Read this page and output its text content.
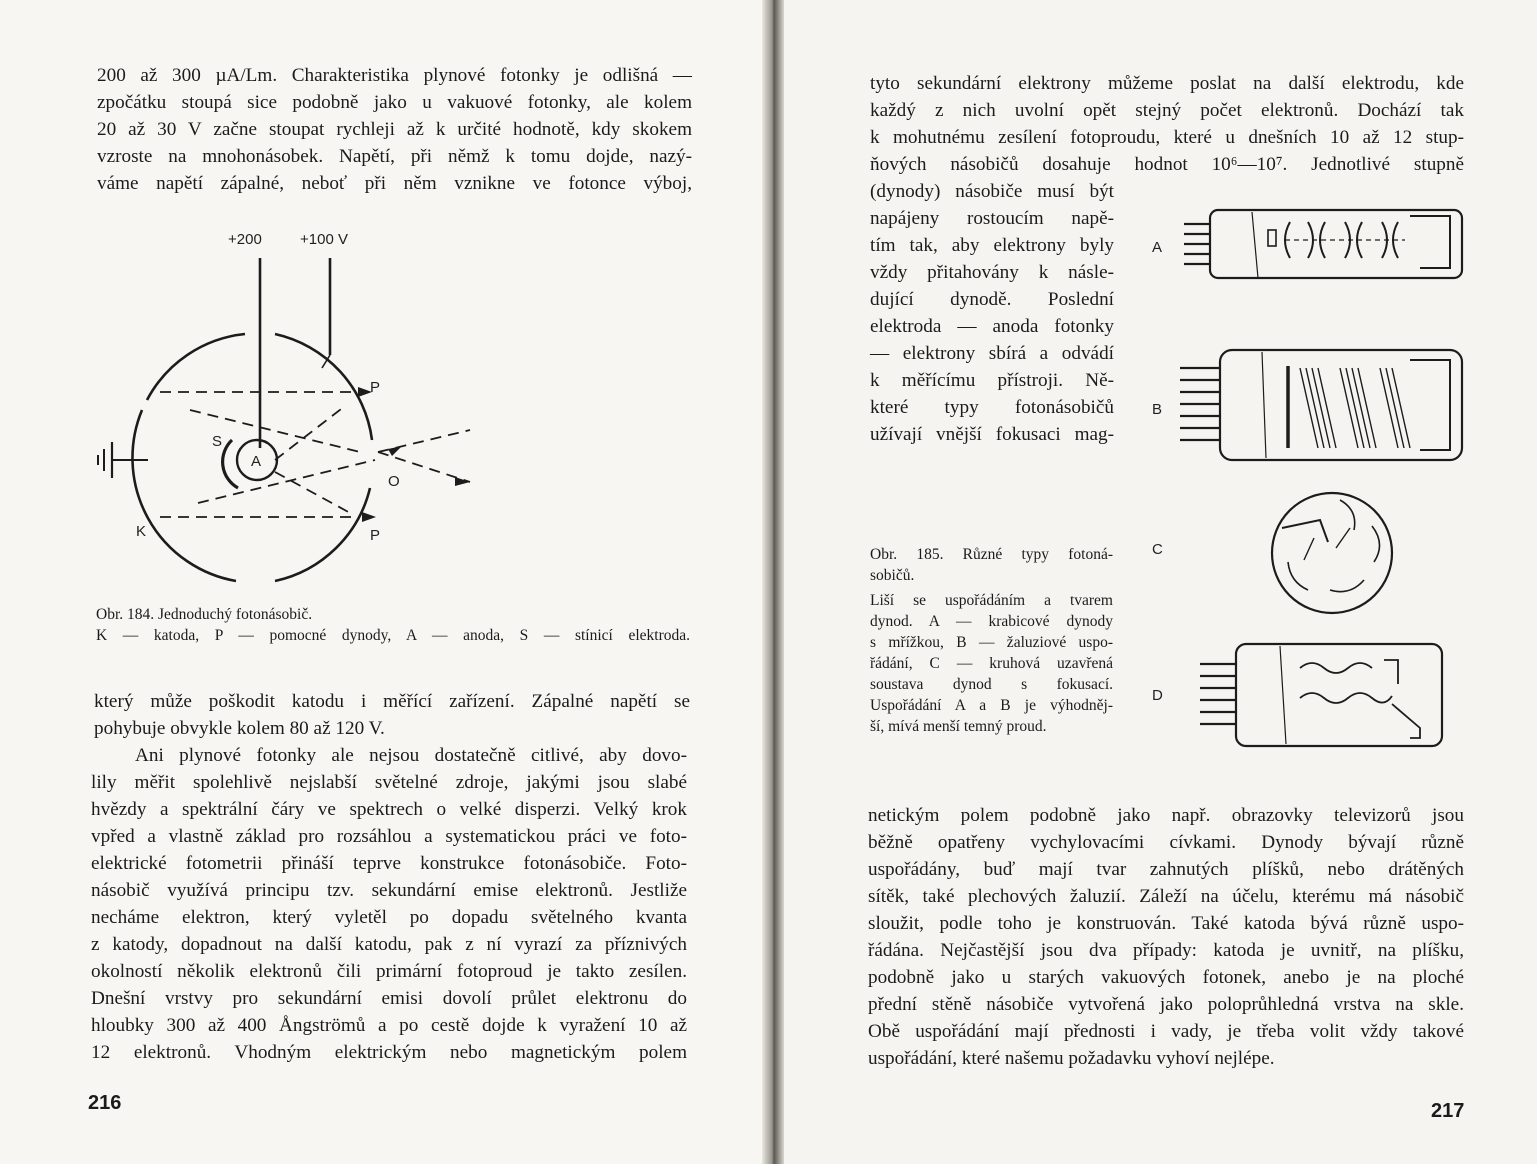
200 až 300 µA/Lm. Charakteristika plynové fotonky je odlišná —
zpočátku stoupá sice podobně jako u vakuové fotonky, ale kolem
20 až 30 V začne stoupat rychleji až k určité hodnotě, kdy skokem
vzroste na mnohonásobek. Napětí, při němž k tomu dojde, nazý-
váme napětí zápalné, neboť při něm vznikne ve fotonce výboj,
+200	+100 V
P
P
S
A
K
O
Obr. 184. Jednoduchý fotonásobič.
K — katoda, P — pomocné dynody, A — anoda, S — stínicí elektroda.
který může poškodit katodu i měřící zařízení. Zápalné napětí se
pohybuje obvykle kolem 80 až 120 V.
Ani plynové fotonky ale nejsou dostatečně citlivé, aby dovo-
lily měřit spolehlivě nejslabší světelné zdroje, jakými jsou slabé
hvězdy a spektrální čáry ve spektrech o velké disperzi. Velký krok
vpřed a vlastně základ pro rozsáhlou a systematickou práci ve foto-
elektrické fotometrii přináší teprve konstrukce fotonásobiče. Foto-
násobič využívá principu tzv. sekundární emise elektronů. Jestliže
necháme elektron, který vyletěl po dopadu světelného kvanta
z katody, dopadnout na další katodu, pak z ní vyrazí za příznivých
okolností několik elektronů čili primární fotoproud je takto zesílen.
Dnešní vrstvy pro sekundární emisi dovolí průlet elektronu do
hloubky 300 až 400 Ångströmů a po cestě dojde k vyražení 10 až
12 elektronů. Vhodným elektrickým nebo magnetickým polem
216
tyto sekundární elektrony můžeme poslat na další elektrodu, kde
každý z nich uvolní opět stejný počet elektronů. Dochází tak
k mohutnému zesílení fotoproudu, které u dnešních 10 až 12 stup-
ňových násobičů dosahuje hodnot 10⁶—10⁷. Jednotlivé stupně
(dynody) násobiče musí být
napájeny rostoucím napě-
tím tak, aby elektrony byly
vždy přitahovány k násle-
dující dynodě. Poslední
elektroda — anoda fotonky
— elektrony sbírá a odvádí
k měřícímu přístroji. Ně-
které typy fotonásobičů
užívají vnější fokusaci mag-
A
B
C
D
Obr. 185. Různé typy fotoná-
sobičů.
Liší se uspořádáním a tvarem
dynod. A — krabicové dynody
s mřížkou, B — žaluziové uspo-
řádání, C — kruhová uzavřená
soustava dynod s fokusací.
Uspořádání A a B je výhodněj-
ší, mívá menší temný proud.
netickým polem podobně jako např. obrazovky televizorů jsou
běžně opatřeny vychylovacími cívkami. Dynody bývají různě
uspořádány, buď mají tvar zahnutých plíšků, nebo drátěných
sítěk, také plechových žaluzií. Záleží na účelu, kterému má násobič
sloužit, podle toho je konstruován. Také katoda bývá různě uspo-
řádána. Nejčastější jsou dva případy: katoda je uvnitř, na plíšku,
podobně jako u starých vakuových fotonek, anebo je na ploché
přední stěně násobiče vytvořená jako poloprůhledná vrstva na skle.
Obě uspořádání mají přednosti i vady, je třeba volit vždy takové
uspořádání, které našemu požadavku vyhoví nejlépe.
217
